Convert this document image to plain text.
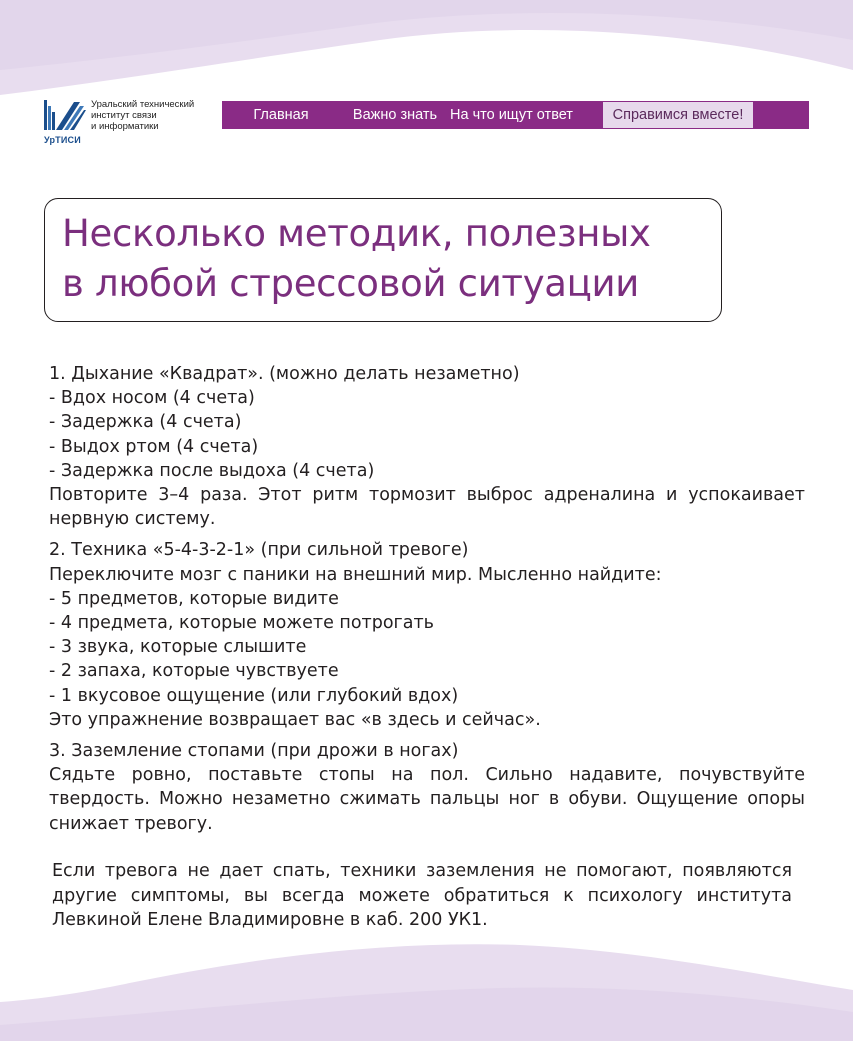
УрТИСИ
Уральский технический
институт связи
и информатики
Главная	Важно знать На что ищут ответ	Справимся вместе!
Несколько методик, полезных
в любой стрессовой ситуации
1. Дыхание «Квадрат». (можно делать незаметно)
- Вдох носом (4 счета)
- Задержка (4 счета)
- Выдох ртом (4 счета)
- Задержка после выдоха (4 счета)
Повторите 3–4 раза. Этот ритм тормозит выброс адреналина и успокаивает нервную систему.
2. Техника «5-4-3-2-1» (при сильной тревоге)
Переключите мозг с паники на внешний мир. Мысленно найдите:
- 5 предметов, которые видите
- 4 предмета, которые можете потрогать
- 3 звука, которые слышите
- 2 запаха, которые чувствуете
- 1 вкусовое ощущение (или глубокий вдох)
Это упражнение возвращает вас «в здесь и сейчас».
3. Заземление стопами (при дрожи в ногах)
Сядьте ровно, поставьте стопы на пол. Сильно надавите, почувствуйте твердость. Можно незаметно сжимать пальцы ног в обуви. Ощущение опоры снижает тревогу.
Если тревога не дает спать, техники заземления не помогают, появляются другие симптомы, вы всегда можете обратиться к психологу института Левкиной Елене Владимировне в каб. 200 УК1.
